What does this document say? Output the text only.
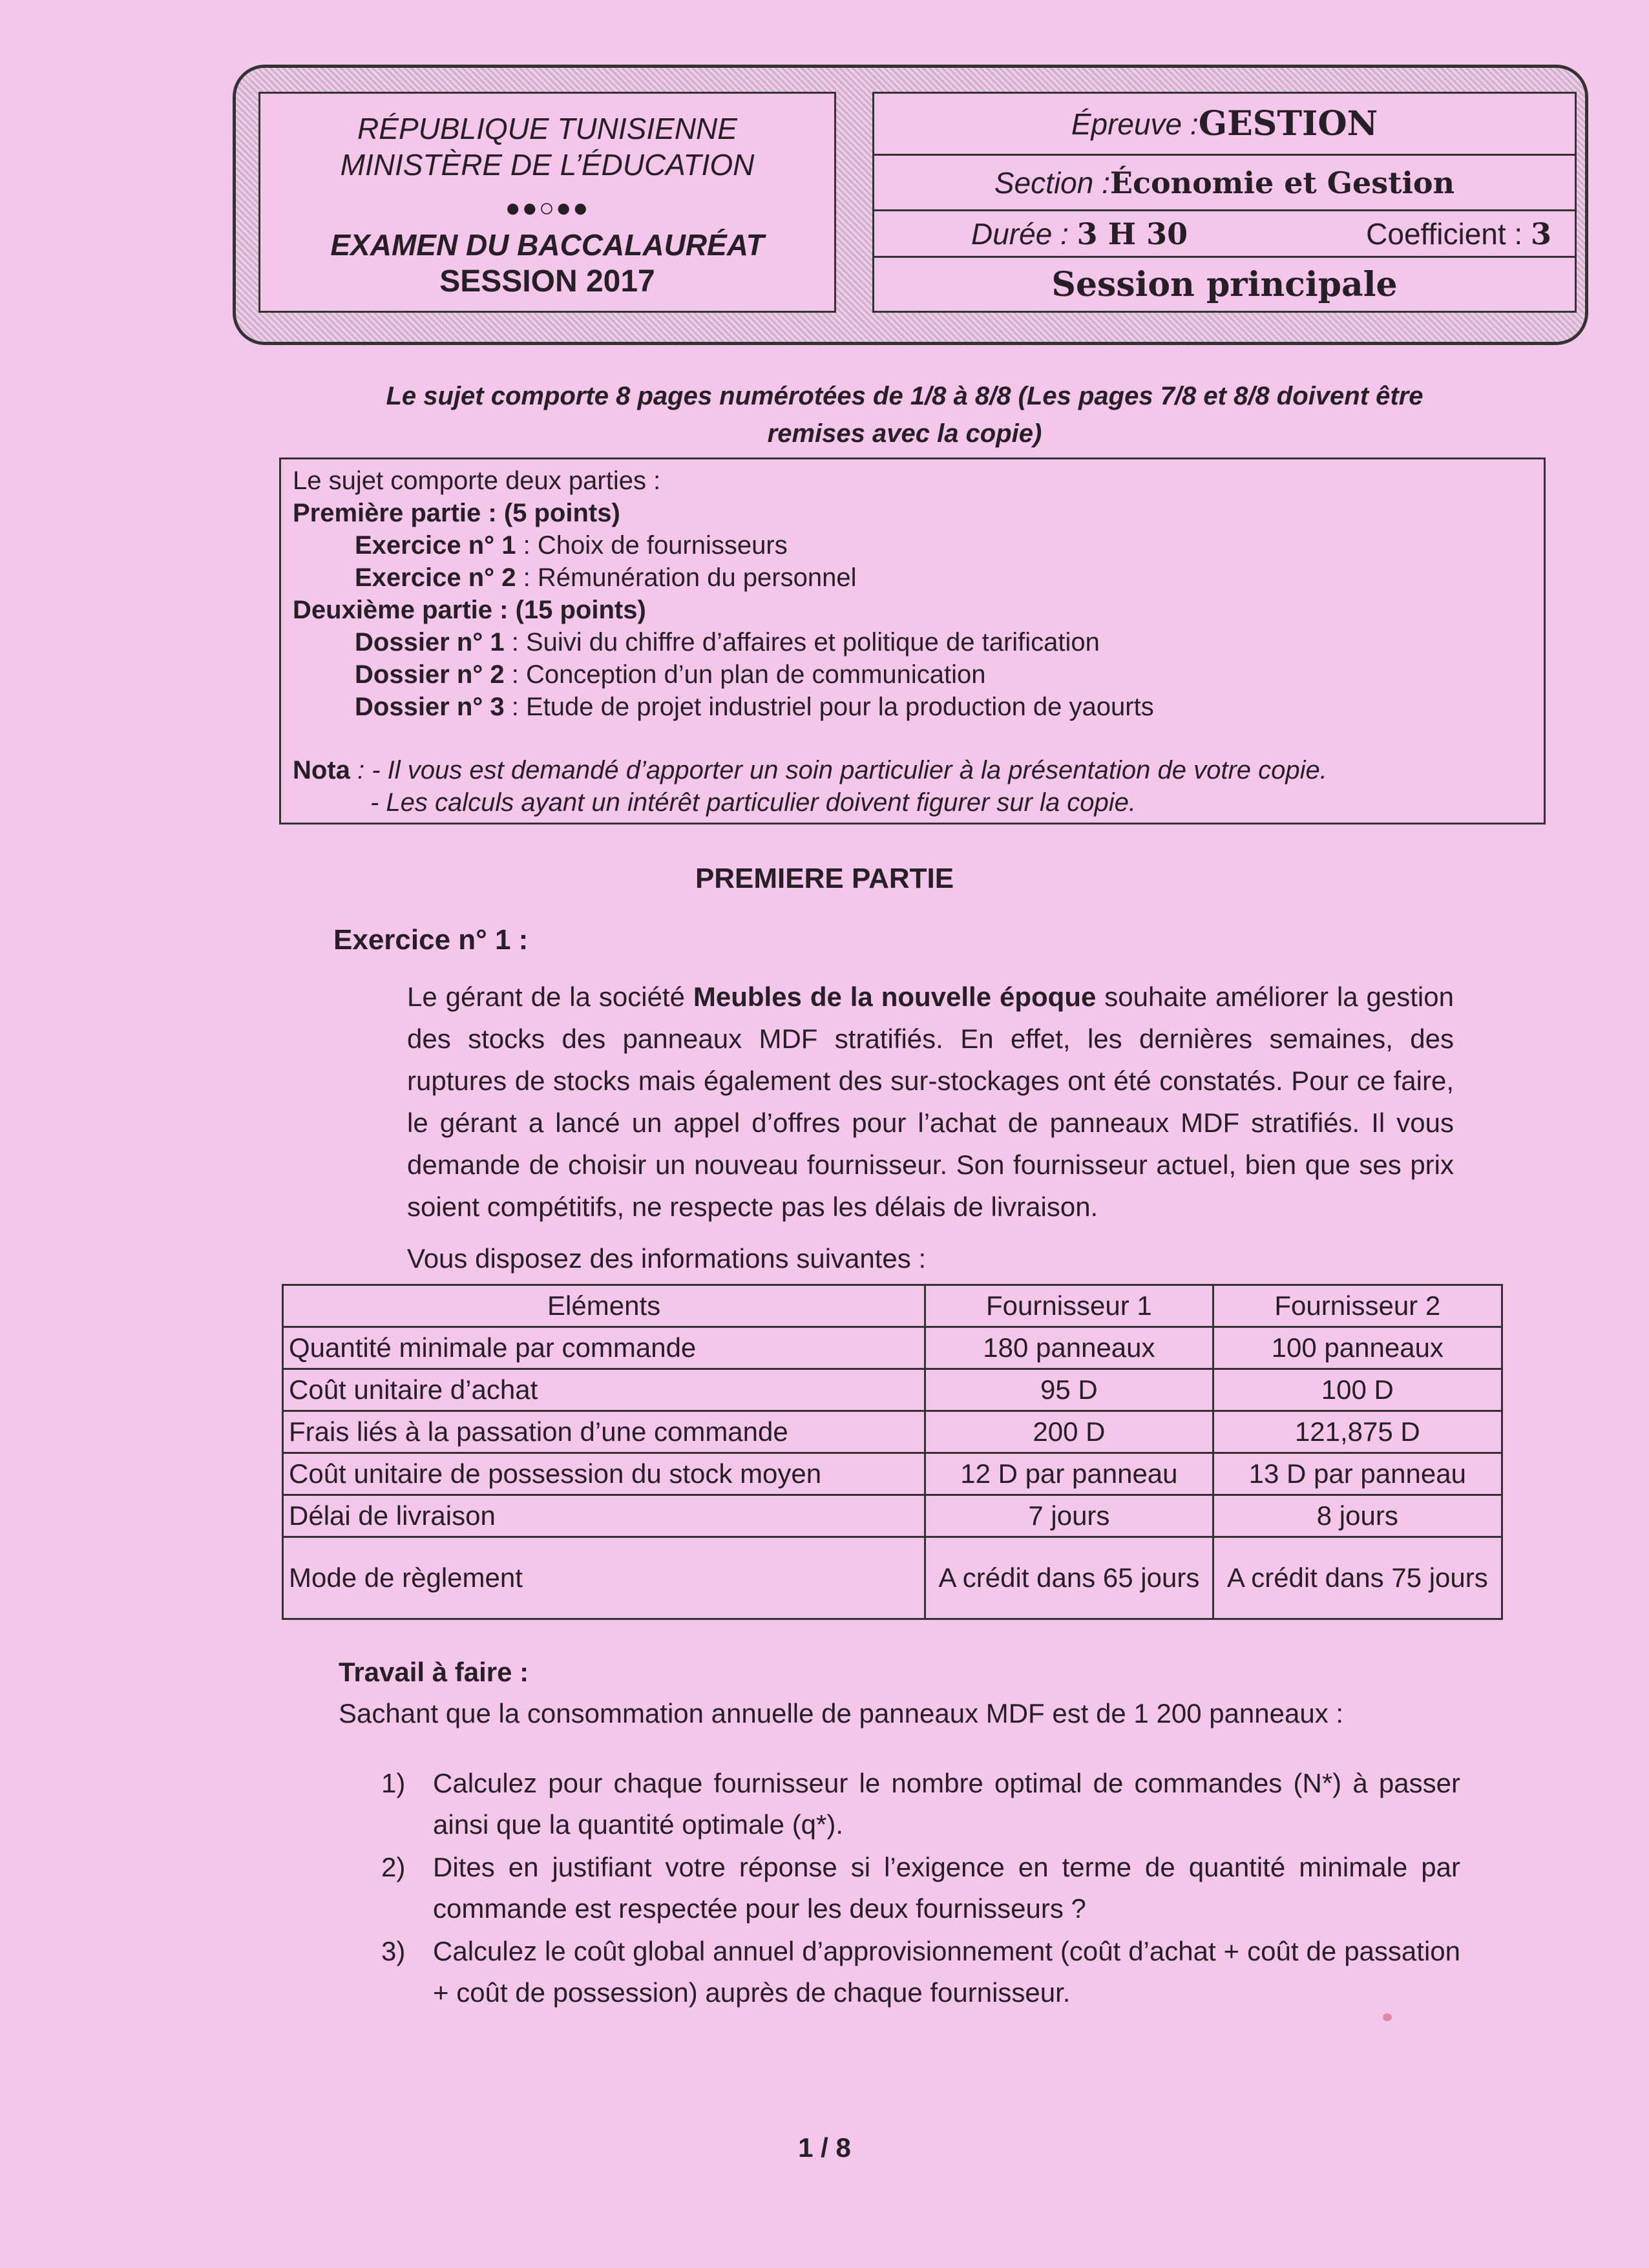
RÉPUBLIQUE TUNISIENNE
MINISTÈRE DE L’ÉDUCATION
●●○●●
EXAMEN DU BACCALAURÉAT
SESSION 2017
Épreuve : GESTION
Section : Économie et Gestion
Durée : 3 H 30	Coefficient : 3
Session principale
Le sujet comporte 8 pages numérotées de 1/8 à 8/8 (Les pages 7/8 et 8/8 doivent être
remises avec la copie)
Le sujet comporte deux parties :
Première partie : (5 points)
Exercice n° 1 : Choix de fournisseurs
Exercice n° 2 : Rémunération du personnel
Deuxième partie : (15 points)
Dossier n° 1 : Suivi du chiffre d’affaires et politique de tarification
Dossier n° 2 : Conception d’un plan de communication
Dossier n° 3 : Etude de projet industriel pour la production de yaourts
Nota : - Il vous est demandé d’apporter un soin particulier à la présentation de votre copie.
- Les calculs ayant un intérêt particulier doivent figurer sur la copie.
PREMIERE PARTIE
Exercice n° 1 :
Le gérant de la société Meubles de la nouvelle époque souhaite améliorer la gestion des stocks des panneaux MDF stratifiés. En effet, les dernières semaines, des ruptures de stocks mais également des sur-stockages ont été constatés. Pour ce faire, le gérant a lancé un appel d’offres pour l’achat de panneaux MDF stratifiés. Il vous demande de choisir un nouveau fournisseur. Son fournisseur actuel, bien que ses prix soient compétitifs, ne respecte pas les délais de livraison.
Vous disposez des informations suivantes :
Eléments	Fournisseur 1	Fournisseur 2
Quantité minimale par commande	180 panneaux	100 panneaux
Coût unitaire d’achat	95 D	100 D
Frais liés à la passation d’une commande	200 D	121,875 D
Coût unitaire de possession du stock moyen	12 D par panneau	13 D par panneau
Délai de livraison	7 jours	8 jours
Mode de règlement	A crédit dans 65 jours	A crédit dans 75 jours
Travail à faire :
Sachant que la consommation annuelle de panneaux MDF est de 1 200 panneaux :
1)	Calculez pour chaque fournisseur le nombre optimal de commandes (N*) à passer ainsi que la quantité optimale (q*).
2)	Dites en justifiant votre réponse si l’exigence en terme de quantité minimale par commande est respectée pour les deux fournisseurs ?
3)	Calculez le coût global annuel d’approvisionnement (coût d’achat + coût de passation + coût de possession) auprès de chaque fournisseur.
1 / 8
